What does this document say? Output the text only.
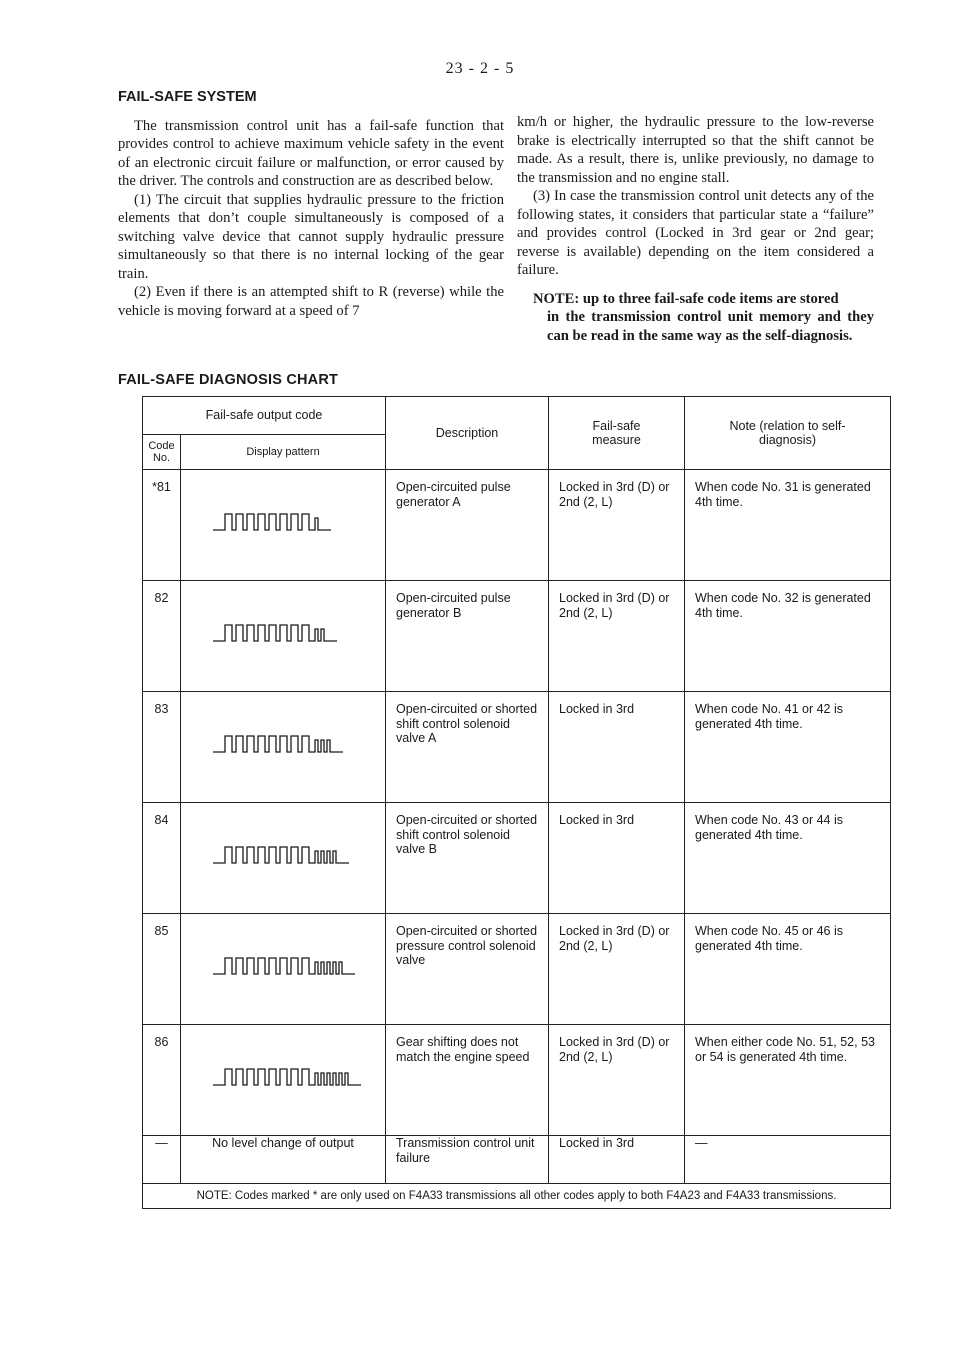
23 - 2 - 5
FAIL-SAFE SYSTEM

The transmission control unit has a fail-safe function that provides control to achieve maximum vehicle safety in the event of an electronic circuit failure or malfunction, or error caused by the driver. The controls and construction are as described below.

(1) The circuit that supplies hydraulic pressure to the friction elements that don’t couple simultaneously is composed of a switching valve device that cannot supply hydraulic pressure simultaneously so that there is no internal locking of the gear train.

(2) Even if there is an attempted shift to R (reverse) while the vehicle is moving forward at a speed of 7

km/h or higher, the hydraulic pressure to the low-reverse brake is electrically interrupted so that the shift cannot be made. As a result, there is, unlike previously, no damage to the transmission and no engine stall.

(3) In case the transmission control unit detects any of the following states, it considers that particular state a “failure” and provides control (Locked in 3rd gear or 2nd gear; reverse is available) depending on the item considered a failure.

NOTE: up to three fail-safe code items are stored
in the transmission control unit memory and they can be read in the same way as the self-diagnosis.

FAIL-SAFE DIAGNOSIS CHART
Fail-safe output code		Description	Fail-safe measure	Note (relation to self-diagnosis)
Code No.	Display pattern			
*81		Open-circuited pulse generator A	Locked in 3rd (D) or 2nd (2, L)	When code No. 31 is generated 4th time.
82		Open-circuited pulse generator B	Locked in 3rd (D) or 2nd (2, L)	When code No. 32 is generated 4th time.
83		Open-circuited or shorted shift control solenoid valve A	Locked in 3rd	When code No. 41 or 42 is generated 4th time.
84		Open-circuited or shorted shift control solenoid valve B	Locked in 3rd	When code No. 43 or 44 is generated 4th time.
85		Open-circuited or shorted pressure control solenoid valve	Locked in 3rd (D) or 2nd (2, L)	When code No. 45 or 46 is generated 4th time.
86		Gear shifting does not match the engine speed	Locked in 3rd (D) or 2nd (2, L)	When either code No. 51, 52, 53 or 54 is generated 4th time.
—	No level change of output	Transmission control unit failure	Locked in 3rd	—
NOTE: Codes marked * are only used on F4A33 transmissions all other codes apply to both F4A23 and F4A33 transmissions.				
